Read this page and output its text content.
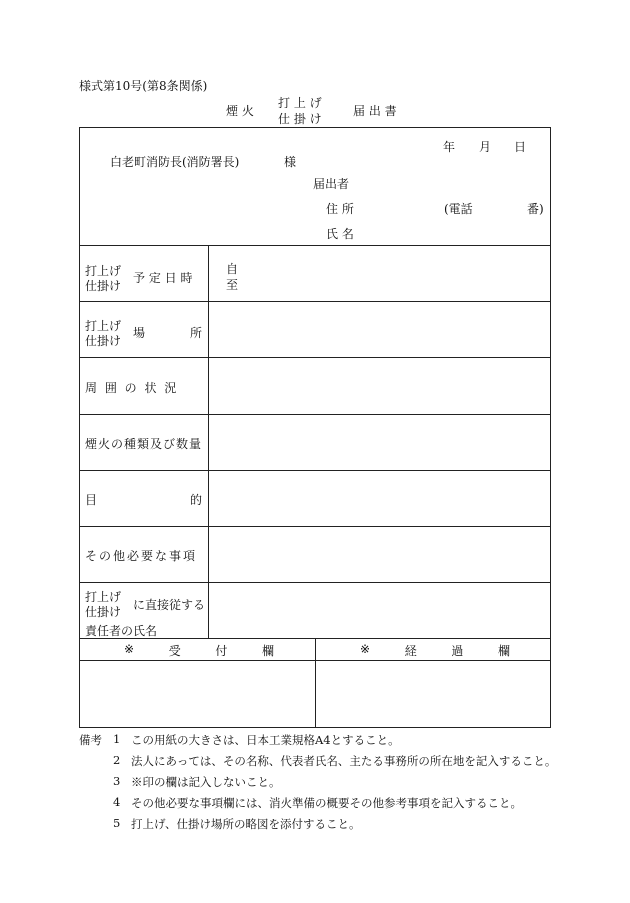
様式第10号(第8条関係)
煙 火
打 上 げ
仕 掛 け
届 出 書
年 月 日
白老町消防長(消防署長)	様
届出者
住 所	(電話	番)
氏 名
打上げ
仕掛け
予 定 日 時
自
至
打上げ
仕掛け
場	所
周 囲 の 状 況
煙火の種類及び数量
目	的
その他必要な事項
打上げ
仕掛け に直接従する
責任者の氏名
※	受	付	欄	※	経	過	欄
備考 1 この用紙の大きさは、日本工業規格A4とすること。
2 法人にあっては、その名称、代表者氏名、主たる事務所の所在地を記入すること。
3 ※印の欄は記入しないこと。
4 その他必要な事項欄には、消火準備の概要その他参考事項を記入すること。
5 打上げ、仕掛け場所の略図を添付すること。
